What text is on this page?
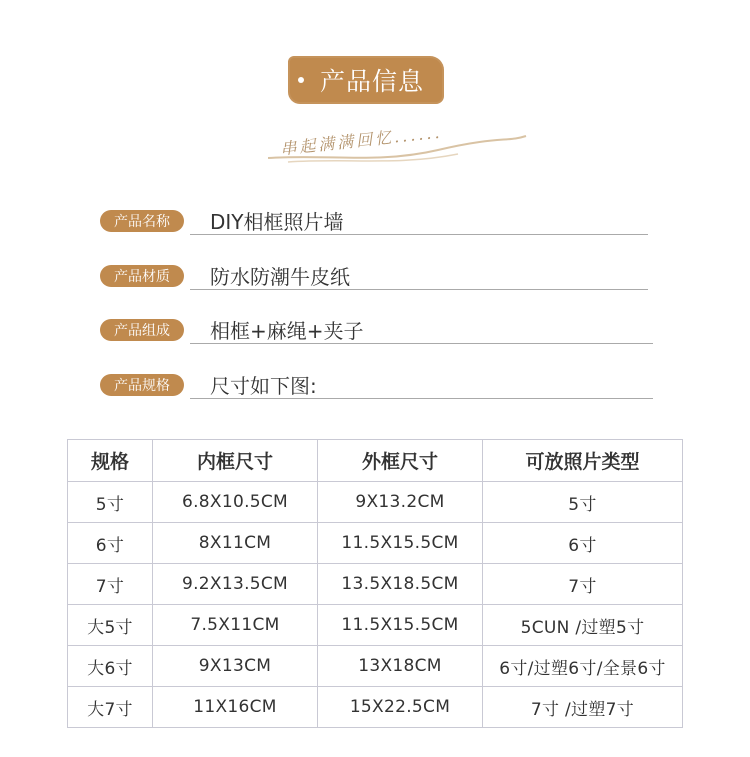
产品信息
串起满满回忆......
产品名称	DIY相框照片墙
产品材质	防水防潮牛皮纸
产品组成	相框+麻绳+夹子
产品规格	尺寸如下图:
规格	内框尺寸	外框尺寸	可放照片类型
5寸	6.8X10.5CM	9X13.2CM	5寸
6寸	8X11CM	11.5X15.5CM	6寸
7寸	9.2X13.5CM	13.5X18.5CM	7寸
大5寸	7.5X11CM	11.5X15.5CM	5CUN /过塑5寸
大6寸	9X13CM	13X18CM	6寸/过塑6寸/全景6寸
大7寸	11X16CM	15X22.5CM	7寸 /过塑7寸
